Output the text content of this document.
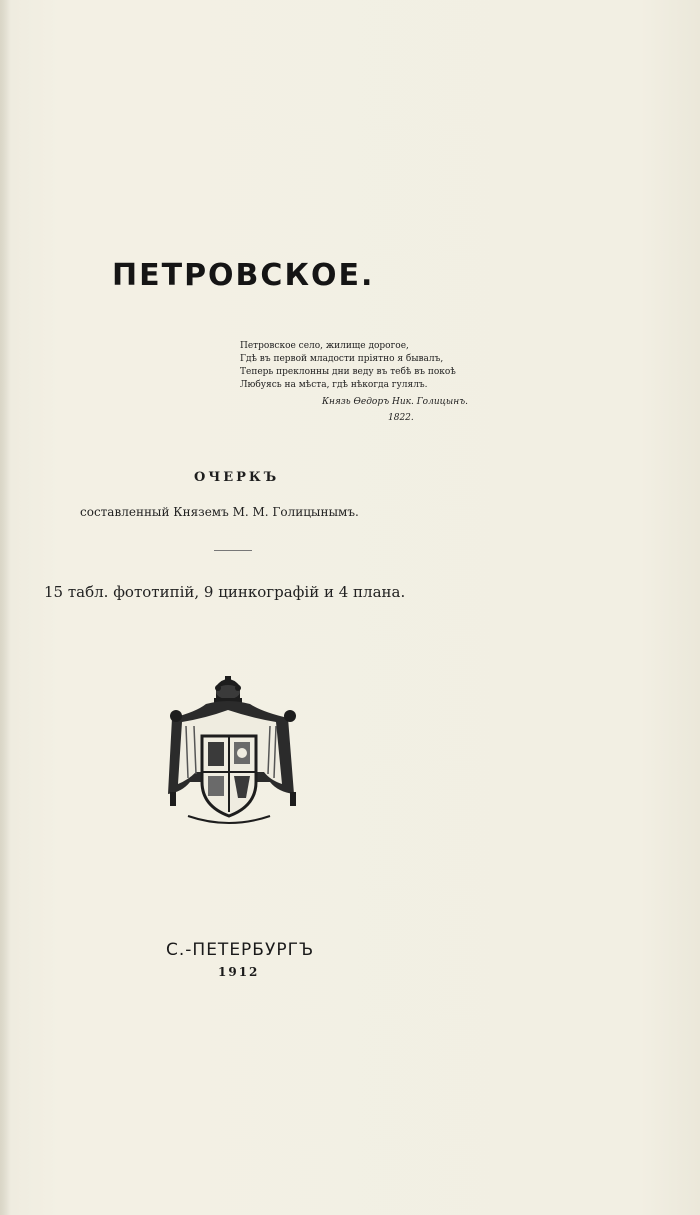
ПЕТРОВСКОЕ.
Петровское село, жилище дорогое,
Гдѣ въ первой младости прiятно я бывалъ,
Теперь преклонны дни веду въ тебѣ въ покоѣ
Любуясь на мѣста, гдѣ нѣкогда гулялъ.
Князь Ѳедоръ Ник. Голицынъ.
1822.
ОЧЕРКЪ
составленный Княземъ М. М. Голицынымъ.
15 табл. фототипiй, 9 цинкографiй и 4 плана.
С.-ПЕТЕРБУРГЪ
1912
